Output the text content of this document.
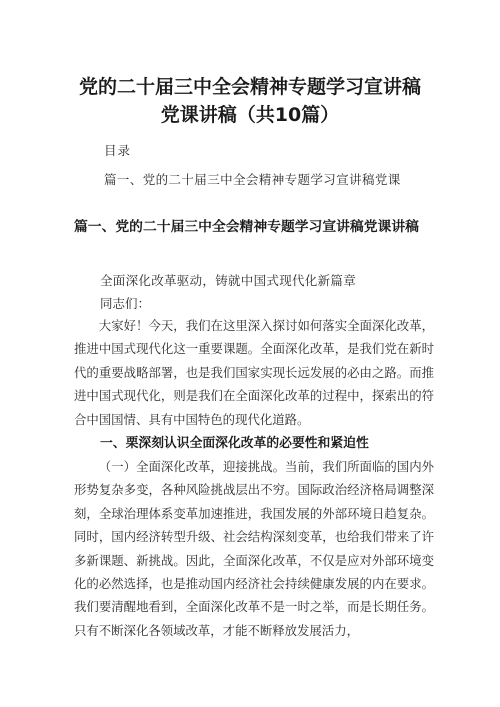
党的二十届三中全会精神专题学习宣讲稿
党课讲稿（共10篇）
目录
篇一、党的二十届三中全会精神专题学习宣讲稿党课
篇一、党的二十届三中全会精神专题学习宣讲稿党课讲稿
全面深化改革驱动，铸就中国式现代化新篇章
同志们：

大家好！今天，我们在这里深入探讨如何落实全面深化改革，推进中国式现代化这一重要课题。全面深化改革，是我们党在新时代的重要战略部署，也是我们国家实现长远发展的必由之路。而推进中国式现代化，则是我们在全面深化改革的过程中，探索出的符合中国国情、具有中国特色的现代化道路。

一、栗深刻认识全面深化改革的必要性和紧迫性

（一）全面深化改革，迎接挑战。当前，我们所面临的国内外形势复杂多变，各种风险挑战层出不穷。国际政治经济格局调整深刻，全球治理体系变革加速推进，我国发展的外部环境日趋复杂。同时，国内经济转型升级、社会结构深刻变革，也给我们带来了许多新课题、新挑战。因此，全面深化改革，不仅是应对外部环境变化的必然选择，也是推动国内经济社会持续健康发展的内在要求。我们要清醒地看到，全面深化改革不是一时之举，而是长期任务。只有不断深化各领域改革，才能不断释放发展活力，
